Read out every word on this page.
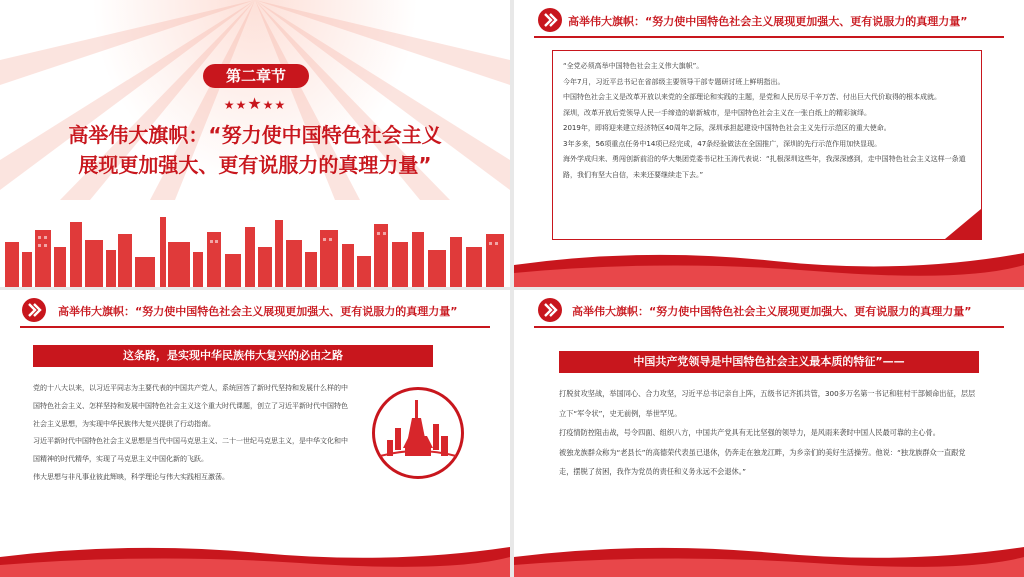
第二章节
★★★★★
高举伟大旗帜：“努力使中国特色社会主义
展现更加强大、更有说服力的真理力量”
高举伟大旗帜：“努力使中国特色社会主义展现更加强大、更有说服力的真理力量”

“全党必须高举中国特色社会主义伟大旗帜”。

今年7月，习近平总书记在省部级主要领导干部专题研讨班上鲜明指出。

中国特色社会主义是改革开放以来党的全部理论和实践的主题，是党和人民历尽千辛万苦、付出巨大代价取得的根本成就。

深圳，改革开放后党领导人民一手缔造的崭新城市，是中国特色社会主义在一张白纸上的精彩演绎。

2019年，即将迎来建立经济特区40周年之际，深圳承担起建设中国特色社会主义先行示范区的重大使命。

3年多来，56项重点任务中14项已经完成，47条经验做法在全国推广，深圳的先行示范作用加快显现。

海外学成归来、勇闯创新前沿的华大集团党委书记杜玉涛代表说：“扎根深圳这些年，我深深感到，走中国特色社会主义这样一条道路，我们有坚大自信，未来还要继续走下去。”

高举伟大旗帜：“努力使中国特色社会主义展现更加强大、更有说服力的真理力量”
这条路，是实现中华民族伟大复兴的必由之路

党的十八大以来，以习近平同志为主要代表的中国共产党人，系统回答了新时代坚持和发展什么样的中国特色社会主义、怎样坚持和发展中国特色社会主义这个重大时代课题，创立了习近平新时代中国特色社会主义思想，为实现中华民族伟大复兴提供了行动指南。

习近平新时代中国特色社会主义思想是当代中国马克思主义、二十一世纪马克思主义，是中华文化和中国精神的时代精华，实现了马克思主义中国化新的飞跃。

伟大思想与非凡事业彼此辉映，科学理论与伟大实践相互激荡。

高举伟大旗帜：“努力使中国特色社会主义展现更加强大、更有说服力的真理力量”
中国共产党领导是中国特色社会主义最本质的特征”——

打脱贫攻坚战，举国同心、合力攻坚，习近平总书记亲自上阵，五级书记齐抓共管，300多万名第一书记和驻村干部倾命出征，层层立下“军令状”，史无前例，举世罕见。

打疫情防控阻击战，号令四面、组织八方，中国共产党具有无比坚强的领导力，是风雨来袭时中国人民最可靠的主心骨。

被独龙族群众称为“老县长”的高德荣代表虽已退休，仍奔走在独龙江畔，为乡亲们的美好生活操劳。他说：“独龙族群众一直跟党走，摆脱了贫困，我作为党员的责任和义务永远不会退休。”
